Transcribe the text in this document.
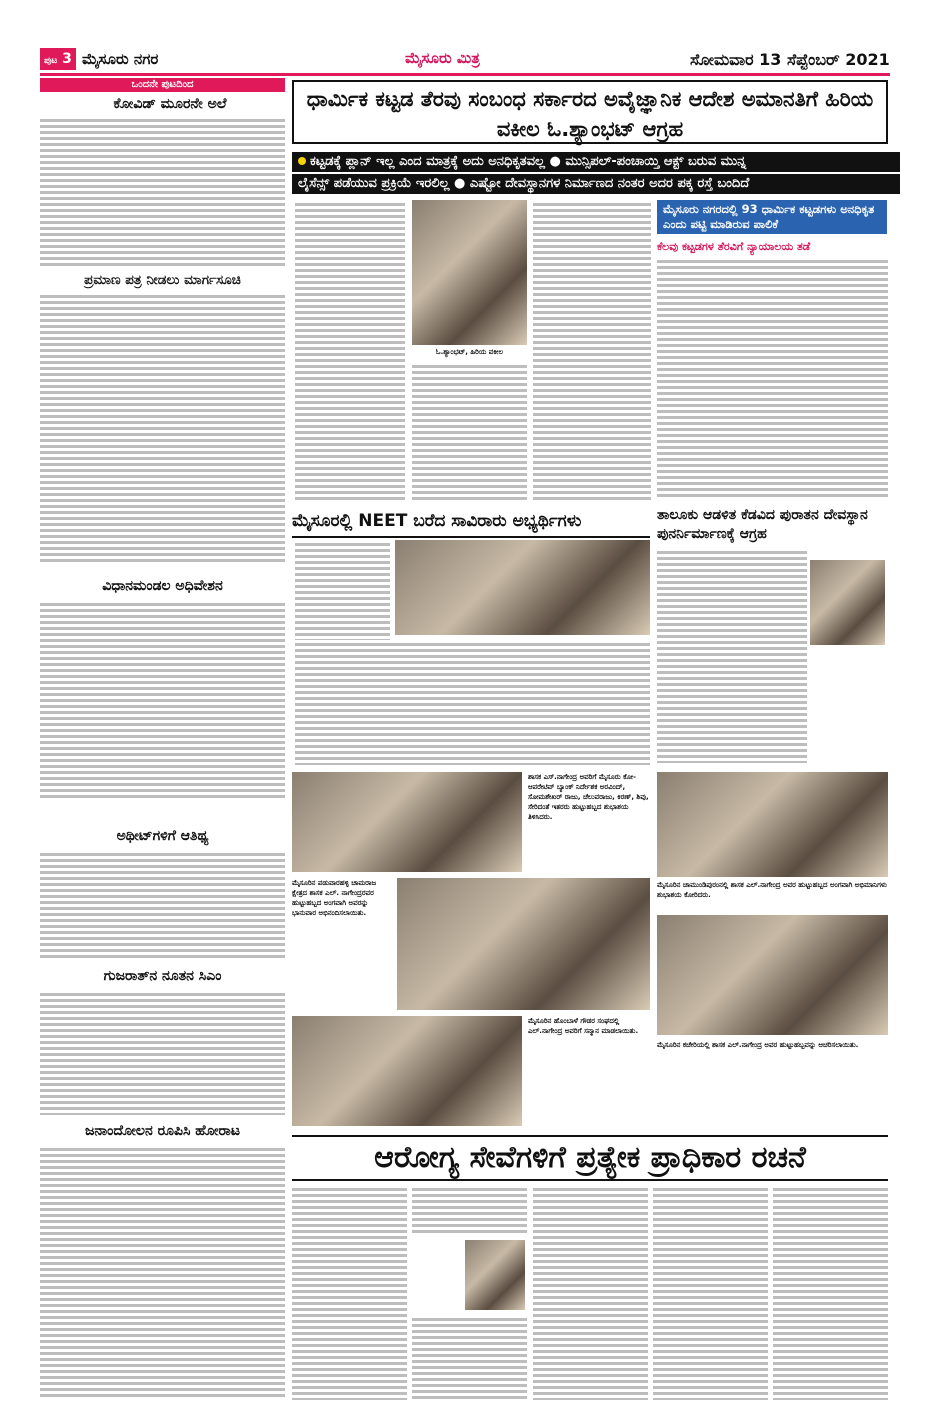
ಪುಟ 3 ಮೈಸೂರು ನಗರ	ಮೈಸೂರು ಮಿತ್ರ	ಸೋಮವಾರ 13 ಸೆಪ್ಟೆಂಬರ್ 2021
ಒಂದನೇ ಪುಟದಿಂದ
ಕೋವಿಡ್ ಮೂರನೇ ಅಲೆ
ಪ್ರಮಾಣ ಪತ್ರ ನೀಡಲು ಮಾರ್ಗಸೂಚಿ
ವಿಧಾನಮಂಡಲ ಅಧಿವೇಶನ
ಅಥೀಟ್‌ಗಳಿಗೆ ಆತಿಥ್ಯ
ಗುಜರಾತ್‌ನ ನೂತನ ಸಿಎಂ
ಜನಾಂದೋಲನ ರೂಪಿಸಿ ಹೋರಾಟ
ಧಾರ್ಮಿಕ ಕಟ್ಟಡ ತೆರವು ಸಂಬಂಧ ಸರ್ಕಾರದ ಅವೈಜ್ಞಾನಿಕ ಆದೇಶ ಅಮಾನತಿಗೆ ಹಿರಿಯ ವಕೀಲ ಓ.ಶ್ಯಾಂಭಟ್ ಆಗ್ರಹ
ಕಟ್ಟಡಕ್ಕೆ ಪ್ಲಾನ್ ಇಲ್ಲ ಎಂದ ಮಾತ್ರಕ್ಕೆ ಅದು ಅನಧಿಕೃತವಲ್ಲ ● ಮುನ್ಸಿಪಲ್-ಪಂಚಾಯ್ತಿ ಆಕ್ಟ್ ಬರುವ ಮುನ್ನ
ಲೈಸೆನ್ಸ್ ಪಡೆಯುವ ಪ್ರಕ್ರಿಯೆ ಇರಲಿಲ್ಲ ● ಎಷ್ಟೋ ದೇವಸ್ಥಾನಗಳ ನಿರ್ಮಾಣದ ನಂತರ ಅದರ ಪಕ್ಕ ರಸ್ತೆ ಬಂದಿದೆ
ಓ.ಶ್ಯಾಂಭಟ್, ಹಿರಿಯ ವಕೀಲ
ಮೈಸೂರು ನಗರದಲ್ಲಿ 93 ಧಾರ್ಮಿಕ ಕಟ್ಟಡಗಳು ಅನಧಿಕೃತ ಎಂದು ಪಟ್ಟಿ ಮಾಡಿರುವ ಪಾಲಿಕೆ
ಕೆಲವು ಕಟ್ಟಡಗಳ ತೆರವಿಗೆ ನ್ಯಾಯಾಲಯ ತಡೆ
ಮೈಸೂರಲ್ಲಿ NEET ಬರೆದ ಸಾವಿರಾರು ಅಭ್ಯರ್ಥಿಗಳು	ತಾಲೂಕು ಆಡಳಿತ ಕೆಡವಿದ ಪುರಾತನ ದೇವಸ್ಥಾನ ಪುನರ್ನಿರ್ಮಾಣಕ್ಕೆ ಆಗ್ರಹ
ಶಾಸಕ ಎಸ್.ನಾಗೇಂದ್ರ ಅವರಿಗೆ ಮೈಸೂರು ಕೋ-ಆಪರೇಟಿವ್ ಬ್ಯಾಂಕ್ ನಿರ್ದೇಶಕ ಅರವಿಂದ್, ಸೋಮಶೇಖರ್ ರಾಜು, ಚೆಲುವರಾಜು, ಕಿರಣ್, ಶಿವು, ಸೇರಿದಂತೆ ಇತರರು ಹುಟ್ಟುಹಬ್ಬದ ಶುಭಾಶಯ ತಿಳಿಸಿದರು.
ಮೈಸೂರಿನ ಚಾಮುಂಡಿಪುರಂನಲ್ಲಿ ಶಾಸಕ ಎಲ್.ನಾಗೇಂದ್ರ ಅವರ ಹುಟ್ಟುಹಬ್ಬದ ಅಂಗವಾಗಿ ಅಭಿಮಾನಿಗಳು ಶುಭಾಶಯ ಕೋರಿದರು.
ಮೈಸೂರಿನ ಪಡುವಾರಹಳ್ಳಿ ಚಾಮರಾಜ ಕ್ಷೇತ್ರದ ಶಾಸಕ ಎಲ್. ನಾಗೇಂದ್ರರವರ ಹುಟ್ಟುಹಬ್ಬದ ಅಂಗವಾಗಿ ಅವರನ್ನು ಭಾನುವಾರ ಅಭಿನಂದಿಸಲಾಯಿತು.
ಮೈಸೂರಿನ ಹೊಂಬಾಳೆ ಗೌಡರ ಸಂಘದಲ್ಲಿ ಎಲ್.ನಾಗೇಂದ್ರ ಅವರಿಗೆ ಸನ್ಮಾನ ಮಾಡಲಾಯಿತು.
ಮೈಸೂರಿನ ಕಚೇರಿಯಲ್ಲಿ ಶಾಸಕ ಎಲ್.ನಾಗೇಂದ್ರ ಅವರ ಹುಟ್ಟುಹಬ್ಬವನ್ನು ಆಚರಿಸಲಾಯಿತು.
ಆರೋಗ್ಯ ಸೇವೆಗಳಿಗೆ ಪ್ರತ್ಯೇಕ ಪ್ರಾಧಿಕಾರ ರಚನೆ
